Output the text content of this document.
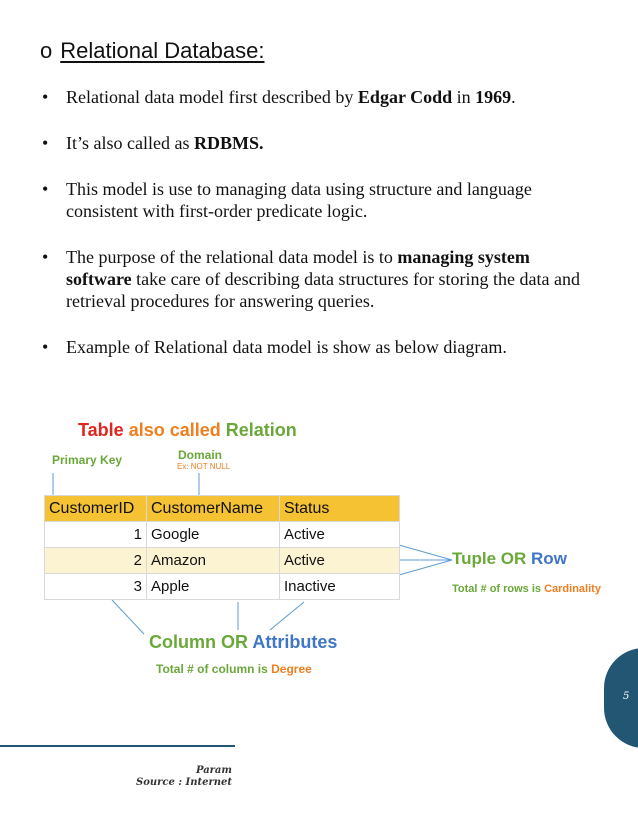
o Relational Database:
• Relational data model first described by Edgar Codd in 1969.
• It’s also called as RDBMS.
• This model is use to managing data using structure and language consistent with first-order predicate logic.
• The purpose of the relational data model is to managing system software take care of describing data structures for storing the data and retrieval procedures for answering queries.
• Example of Relational data model is show as below diagram.
Table also called Relation
Primary Key	Domain
Ex: NOT NULL
CustomerID	CustomerName	Status
1	Google	Active
2	Amazon	Active
3	Apple	Inactive
Tuple OR Row
Total # of rows is Cardinality
Column OR Attributes
Total # of column is Degree
5
Param
Source : Internet
